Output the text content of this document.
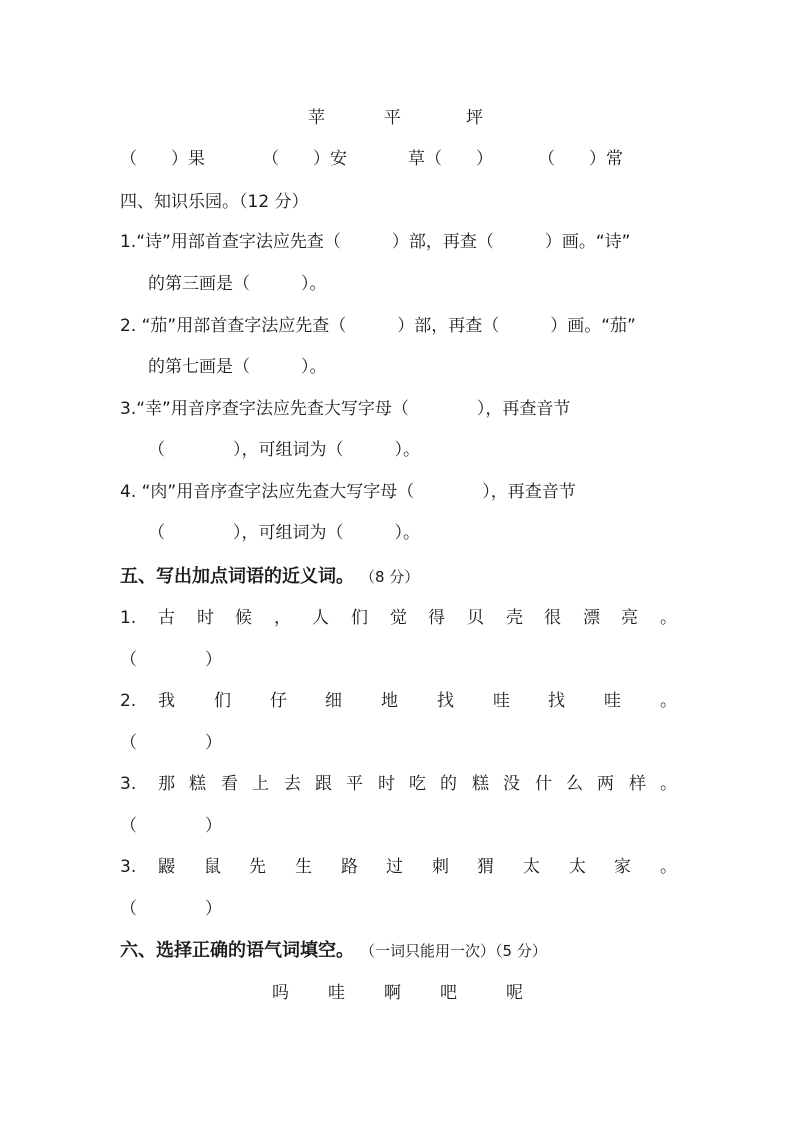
苹	平	坪
（　　）果	（　　）安	草（　　）	（　　）常
四、知识乐园。（12 分）
1.“诗”用部首查字法应先查（　　　）部，再查（　　　）画。“诗”
的第三画是（　　　）。
2. “茄”用部首查字法应先查（　　　）部，再查（　　　）画。“茄”
的第七画是（　　　）。
3.“幸”用音序查字法应先查大写字母（　　　　），再查音节
（　　　　），可组词为（　　　）。
4. “肉”用音序查字法应先查大写字母（　　　　），再查音节
（　　　　），可组词为（　　　）。
五、写出加点词语的近义词。 （8 分）
1. 古 时 候 ， 人 们 觉 得 贝 壳 很 漂 亮 。
（　　　　）
2. 我 们 仔 细 地 找 哇 找 哇 。
（　　　　）
3. 那 糕 看 上 去 跟 平 时 吃 的 糕 没 什 么 两 样 。
（　　　　）
3. 鼹 鼠 先 生 路 过 刺 猬 太 太 家 。
（　　　　）
六、选择正确的语气词填空。 （一词只能用一次）（5 分）
吗 哇 啊 吧	呢
